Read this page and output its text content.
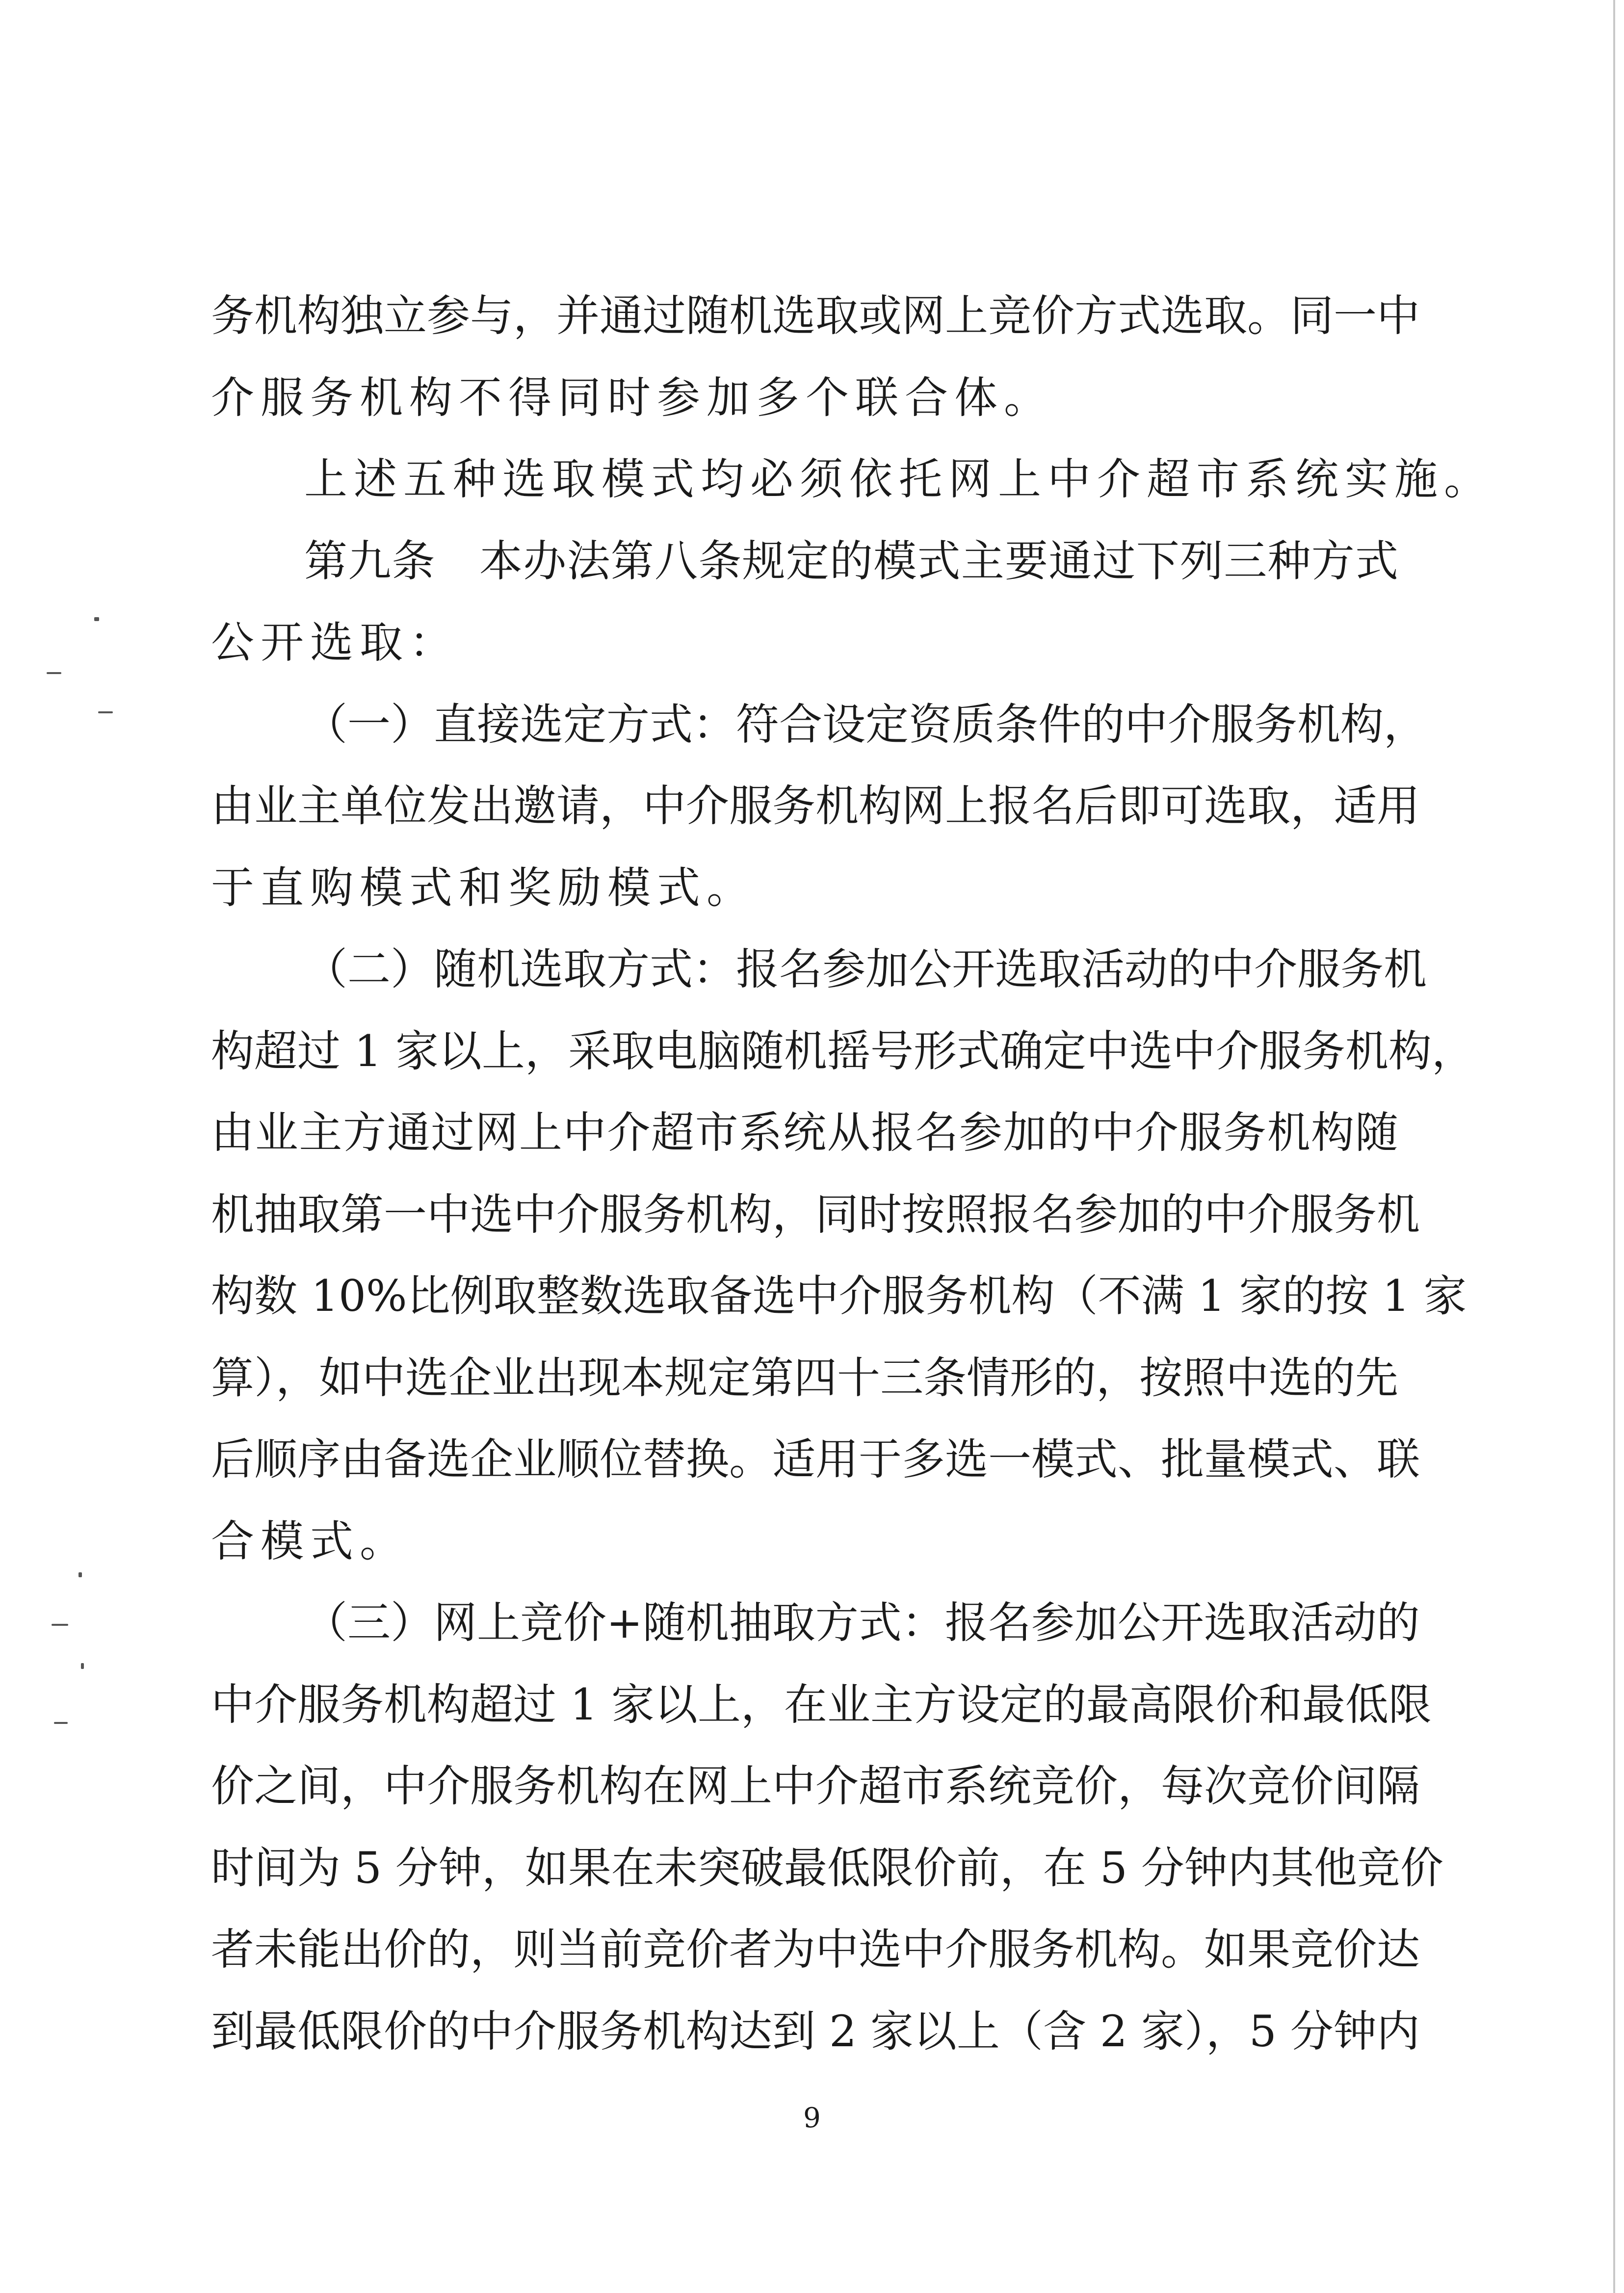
务机构独立参与，并通过随机选取或网上竞价方式选取。同一中
介服务机构不得同时参加多个联合体。
上述五种选取模式均必须依托网上中介超市系统实施。
第九条　本办法第八条规定的模式主要通过下列三种方式
公开选取：
（一）直接选定方式：符合设定资质条件的中介服务机构，
由业主单位发出邀请，中介服务机构网上报名后即可选取，适用
于直购模式和奖励模式。
（二）随机选取方式：报名参加公开选取活动的中介服务机
构超过 1 家以上，采取电脑随机摇号形式确定中选中介服务机构，
由业主方通过网上中介超市系统从报名参加的中介服务机构随
机抽取第一中选中介服务机构，同时按照报名参加的中介服务机
构数 10%比例取整数选取备选中介服务机构（不满 1 家的按 1 家
算），如中选企业出现本规定第四十三条情形的，按照中选的先
后顺序由备选企业顺位替换。适用于多选一模式、批量模式、联
合模式。
（三）网上竞价+随机抽取方式：报名参加公开选取活动的
中介服务机构超过 1 家以上，在业主方设定的最高限价和最低限
价之间，中介服务机构在网上中介超市系统竞价，每次竞价间隔
时间为 5 分钟，如果在未突破最低限价前，在 5 分钟内其他竞价
者未能出价的，则当前竞价者为中选中介服务机构。如果竞价达
到最低限价的中介服务机构达到 2 家以上（含 2 家），5 分钟内
9
